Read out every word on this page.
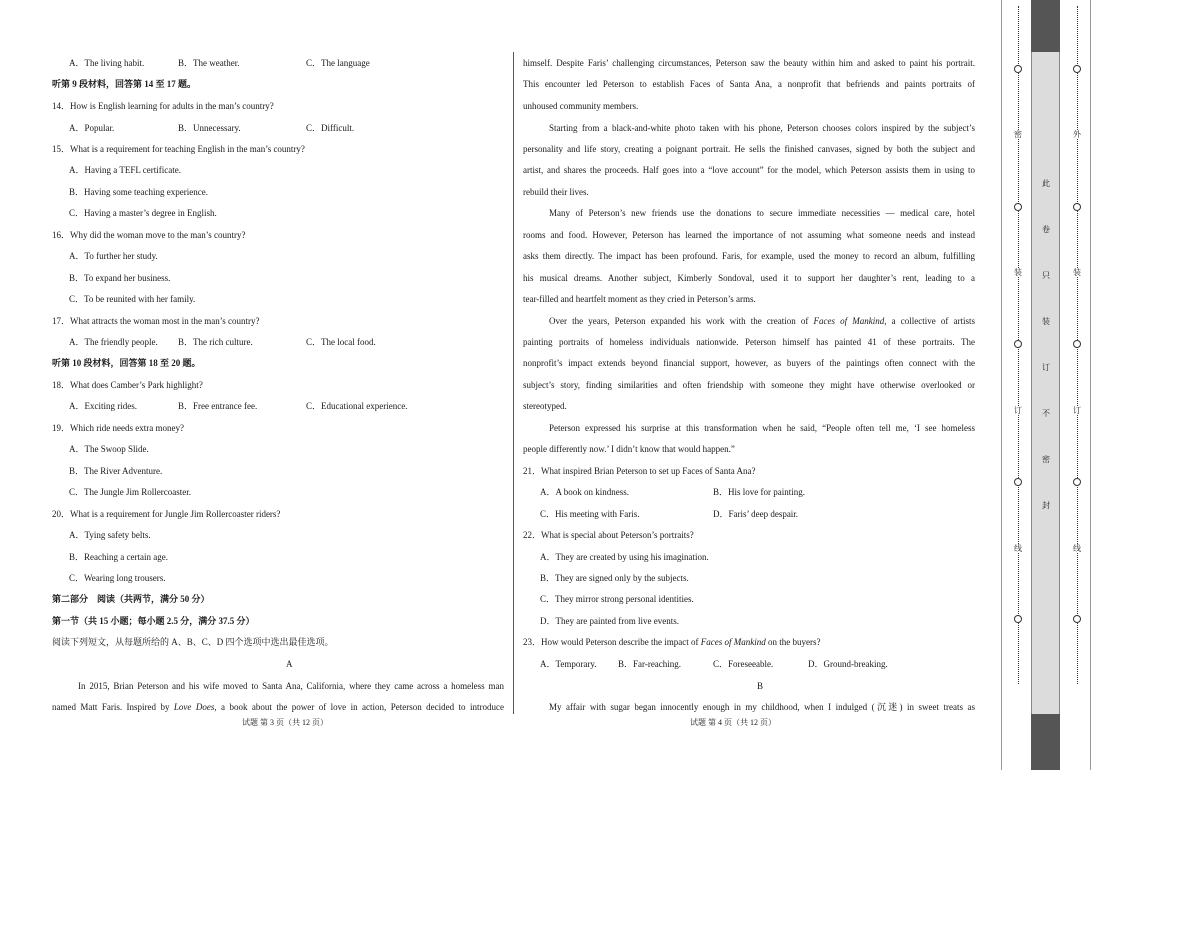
A．The living habit.	B．The weather.	C．The language
听第 9 段材料，回答第 14 至 17 题。
14．How is English learning for adults in the man’s country?
A．Popular.	B．Unnecessary.	C．Difficult.
15．What is a requirement for teaching English in the man’s country?
A．Having a TEFL certificate.
B．Having some teaching experience.
C．Having a master’s degree in English.
16．Why did the woman move to the man’s country?
A．To further her study.
B．To expand her business.
C．To be reunited with her family.
17．What attracts the woman most in the man’s country?
A．The friendly people. B．The rich culture.	C．The local food.
听第 10 段材料，回答第 18 至 20 题。
18．What does Camber’s Park highlight?
A．Exciting rides.	B．Free entrance fee.	C．Educational experience.
19．Which ride needs extra money?
A．The Swoop Slide.
B．The River Adventure.
C．The Jungle Jim Rollercoaster.
20．What is a requirement for Jungle Jim Rollercoaster riders?
A．Tying safety belts.
B．Reaching a certain age.
C．Wearing long trousers.
第二部分　阅读（共两节，满分 50 分）
第一节（共 15 小题；每小题 2.5 分，满分 37.5 分）
阅读下列短文，从每题所给的 A、B、C、D 四个选项中选出最佳选项。
A
In 2015, Brian Peterson and his wife moved to Santa Ana, California, where they came across a homeless man
named Matt Faris. Inspired by Love Does, a book about the power of love in action, Peterson decided to introduce
试题 第 3 页（共 12 页）
himself. Despite Faris’ challenging circumstances, Peterson saw the beauty within him and asked to paint his portrait.
This encounter led Peterson to establish Faces of Santa Ana, a nonprofit that befriends and paints portraits of
unhoused community members.
Starting from a black-and-white photo taken with his phone, Peterson chooses colors inspired by the subject’s
personality and life story, creating a poignant portrait. He sells the finished canvases, signed by both the subject and
artist, and shares the proceeds. Half goes into a “love account” for the model, which Peterson assists them in using to
rebuild their lives.
Many of Peterson’s new friends use the donations to secure immediate necessities — medical care, hotel
rooms and food. However, Peterson has learned the importance of not assuming what someone needs and instead
asks them directly. The impact has been profound. Faris, for example, used the money to record an album, fulfilling
his musical dreams. Another subject, Kimberly Sondoval, used it to support her daughter’s rent, leading to a
tear-filled and heartfelt moment as they cried in Peterson’s arms.
Over the years, Peterson expanded his work with the creation of Faces of Mankind, a collective of artists
painting portraits of homeless individuals nationwide. Peterson himself has painted 41 of these portraits. The
nonprofit’s impact extends beyond financial support, however, as buyers of the paintings often connect with the
subject’s story, finding similarities and often friendship with someone they might have otherwise overlooked or
stereotyped.
Peterson expressed his surprise at this transformation when he said, “People often tell me, ‘I see homeless
people differently now.’ I didn’t know that would happen.”
21．What inspired Brian Peterson to set up Faces of Santa Ana?
A．A book on kindness.	B．His love for painting.
C．His meeting with Faris.	D．Faris’ deep despair.
22．What is special about Peterson’s portraits?
A．They are created by using his imagination.
B．They are signed only by the subjects.
C．They mirror strong personal identities.
D．They are painted from live events.
23．How would Peterson describe the impact of Faces of Mankind on the buyers?
A．Temporary. B．Far-reaching.	C．Foreseeable.	D．Ground-breaking.
B
My affair with sugar began innocently enough in my childhood, when I indulged (沉迷) in sweet treats as
试题 第 4 页（共 12 页）
密
装
订
线
此
卷
只
装
订
不
密
封
外
装
订
线
